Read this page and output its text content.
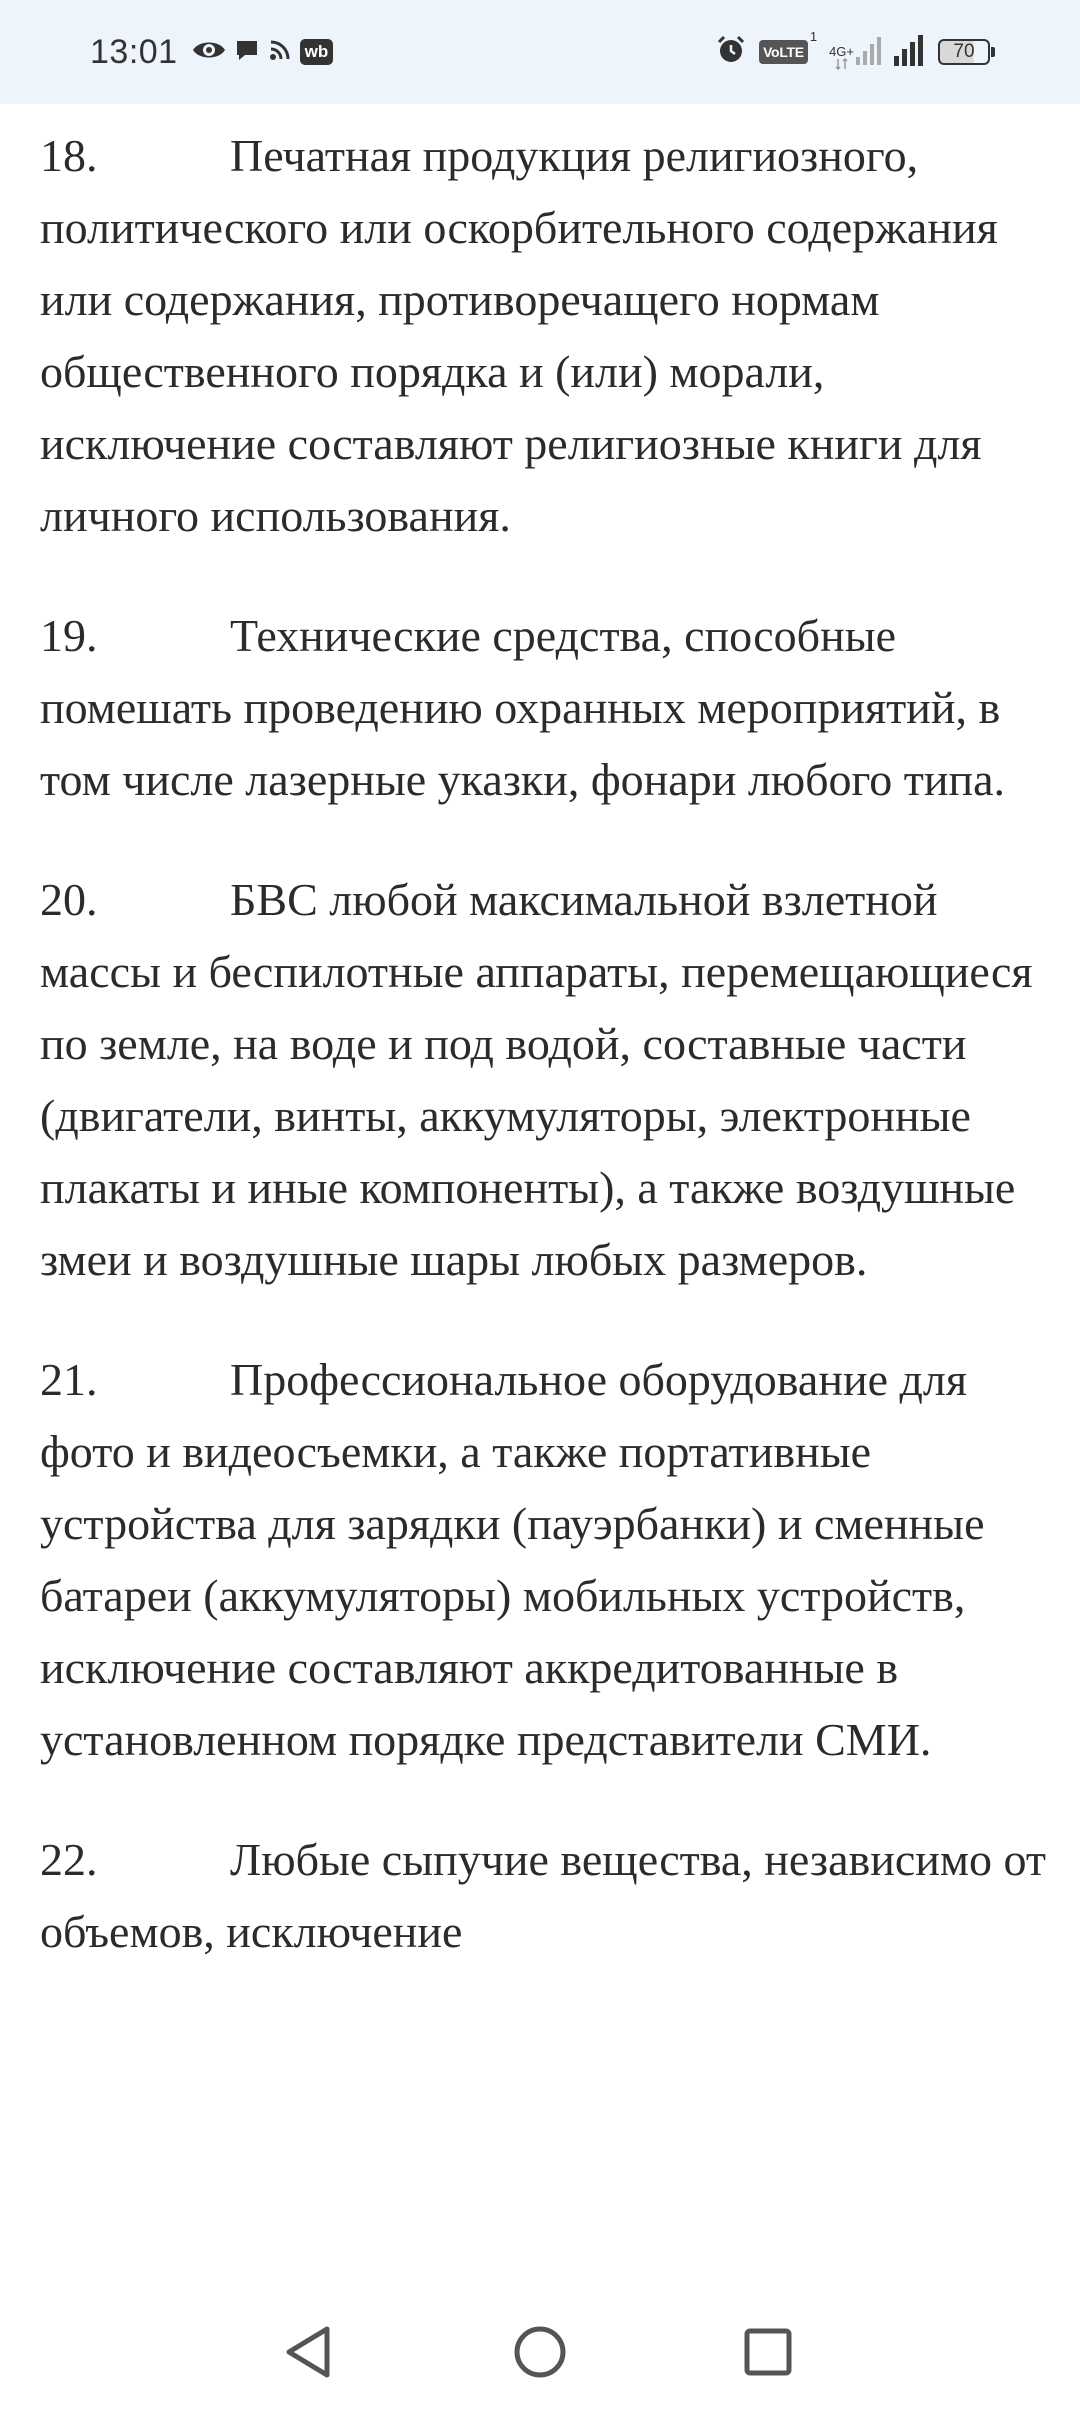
13:01	wb	VoLTE
1
4G+	70

18.	Печатная продукция религиозного, политического или оскорбительного содержания или содержания, противоречащего нормам общественного порядка и (или) морали, исключение составляют религиозные книги для личного использования.

19.	Технические средства, способные помешать проведению охранных мероприятий, в том числе лазерные указки, фонари любого типа.

20.	БВС любой максимальной взлетной массы и беспилотные аппараты, перемещающиеся по земле, на воде и под водой, составные части (двигатели, винты, аккумуляторы, электронные плакаты и иные компоненты), а также воздушные змеи и воздушные шары любых размеров.

21.	Профессиональное оборудование для фото и видеосъемки, а также портативные устройства для зарядки (пауэрбанки) и сменные батареи (аккумуляторы) мобильных устройств, исключение составляют аккредитованные в установленном порядке представители СМИ.

22.	Любые сыпучие вещества, независимо от объемов, исключение
